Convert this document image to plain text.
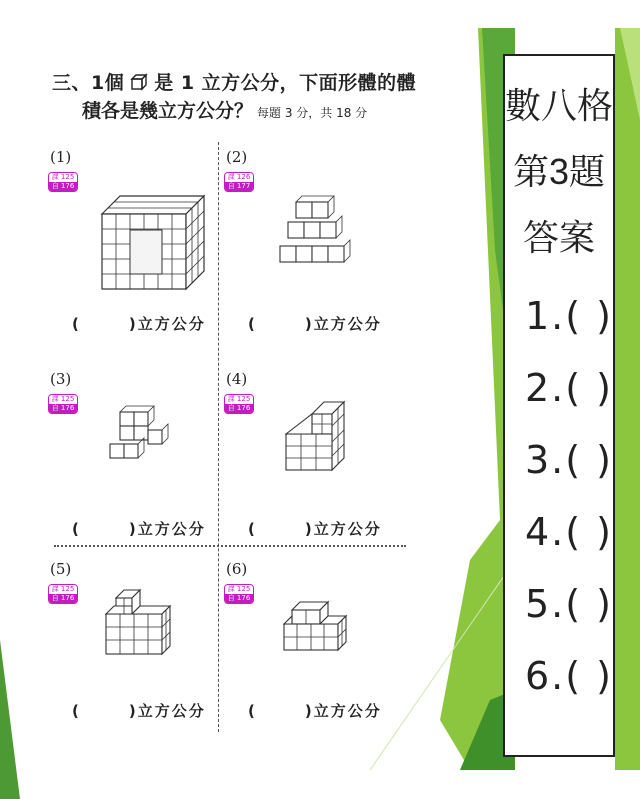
三、1個 是 1 立方公分，下面形體的體
積各是幾立方公分？ 每題 3 分，共 18 分
(1)
課 125
自 176
(	)立方公分
(2)
課 126
自 177
(	)立方公分
(3)
課 125
自 176
(	)立方公分
(4)
課 125
自 176
(	)立方公分
(5)
課 125
自 176
(	)立方公分
(6)
課 125
自 176
(	)立方公分
數八格
第3題
答案
1.( )
2.( )
3.( )
4.( )
5.( )
6.( )
